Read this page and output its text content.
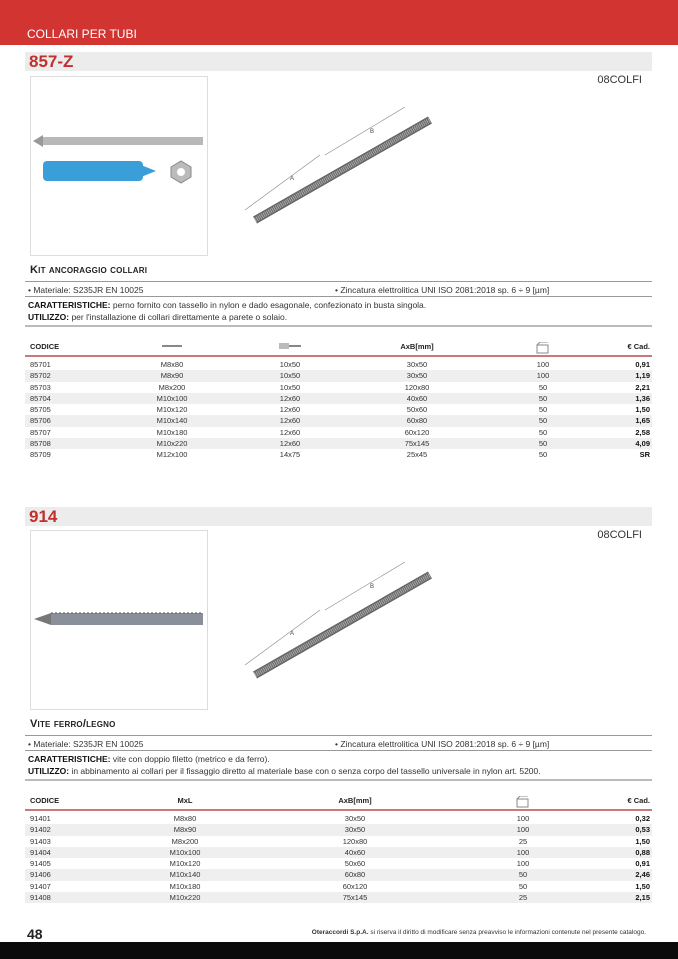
COLLARI PER TUBI
857-Z
08COLFI
A
B
Kit ancoraggio collari
• Materiale: S235JR EN 10025	• Zincatura elettrolitica UNI ISO 2081:2018 sp. 6 ÷ 9 [µm]
CARATTERISTICHE: perno fornito con tassello in nylon e dado esagonale, confezionato in busta singola.
UTILIZZO: per l'installazione di collari direttamente a parete o solaio.
CODICE	AxB[mm]	€ Cad.
85701	M8x80	10x50	30x50	100	0,91
85702	M8x90	10x50	30x50	100	1,19
85703	M8x200	10x50	120x80	50	2,21
85704	M10x100	12x60	40x60	50	1,36
85705	M10x120	12x60	50x60	50	1,50
85706	M10x140	12x60	60x80	50	1,65
85707	M10x180	12x60	60x120	50	2,58
85708	M10x220	12x60	75x145	50	4,09
85709	M12x100	14x75	25x45	50	SR
914
08COLFI
A
B
Vite ferro/legno
• Materiale: S235JR EN 10025	• Zincatura elettrolitica UNI ISO 2081:2018 sp. 6 ÷ 9 [µm]
CARATTERISTICHE: vite con doppio filetto (metrico e da ferro).
UTILIZZO: in abbinamento ai collari per il fissaggio diretto al materiale base con o senza corpo del tassello universale in nylon art. 5200.
CODICE	MxL	AxB[mm]	€ Cad.
91401	M8x80	30x50	100	0,32
91402	M8x90	30x50	100	0,53
91403	M8x200	120x80	25	1,50
91404	M10x100	40x60	100	0,88
91405	M10x120	50x60	100	0,91
91406	M10x140	60x80	50	2,46
91407	M10x180	60x120	50	1,50
91408	M10x220	75x145	25	2,15
48	Oteraccordi S.p.A. si riserva il diritto di modificare senza preavviso le informazioni contenute nel presente catalogo.
